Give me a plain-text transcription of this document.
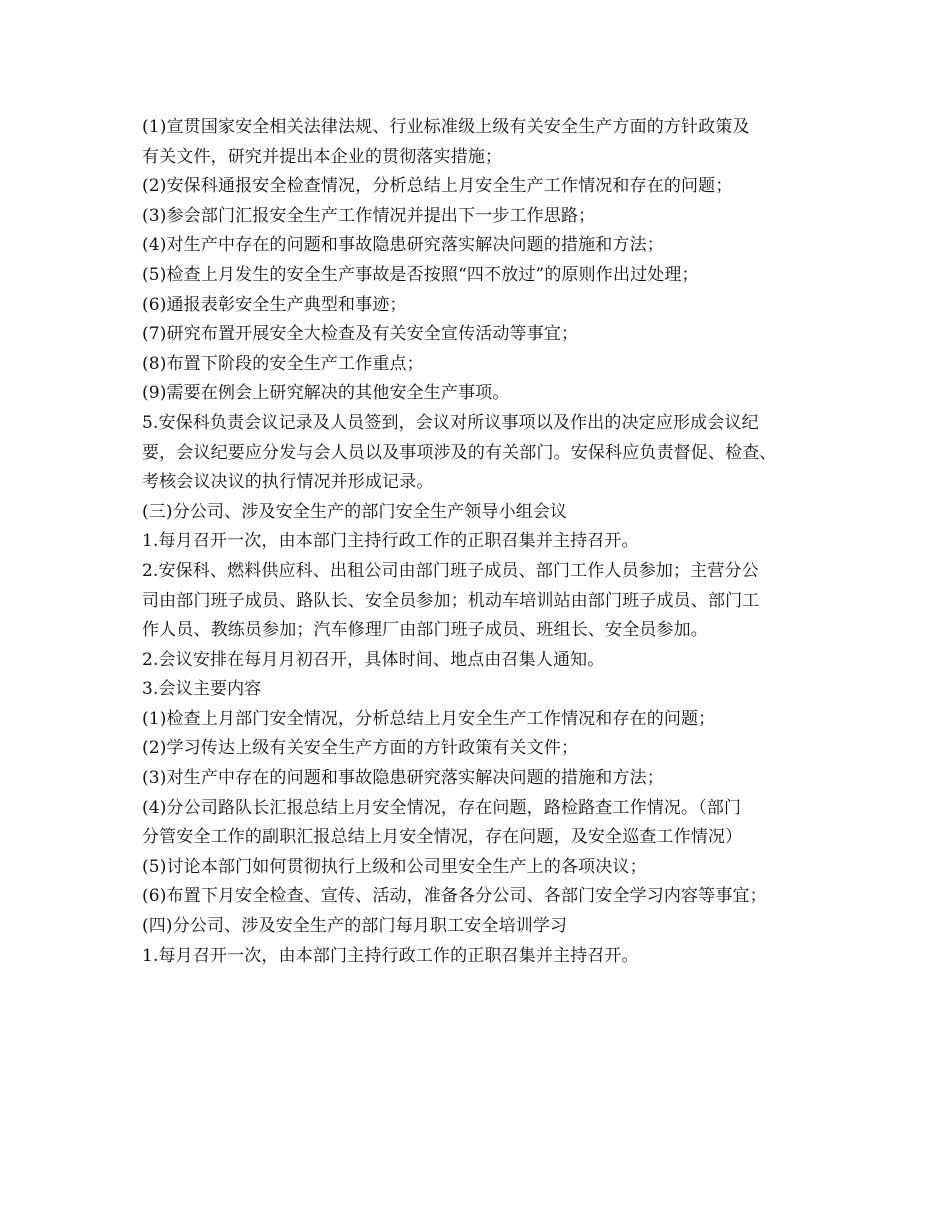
(1)宣贯国家安全相关法律法规、行业标准级上级有关安全生产方面的方针政策及
有关文件，研究并提出本企业的贯彻落实措施；
(2)安保科通报安全检查情况，分析总结上月安全生产工作情况和存在的问题；
(3)参会部门汇报安全生产工作情况并提出下一步工作思路；
(4)对生产中存在的问题和事故隐患研究落实解决问题的措施和方法；
(5)检查上月发生的安全生产事故是否按照“四不放过”的原则作出过处理；
(6)通报表彰安全生产典型和事迹；
(7)研究布置开展安全大检查及有关安全宣传活动等事宜；
(8)布置下阶段的安全生产工作重点；
(9)需要在例会上研究解决的其他安全生产事项。
5.安保科负责会议记录及人员签到，会议对所议事项以及作出的决定应形成会议纪
要，会议纪要应分发与会人员以及事项涉及的有关部门。安保科应负责督促、检查、
考核会议决议的执行情况并形成记录。
(三)分公司、涉及安全生产的部门安全生产领导小组会议
1.每月召开一次，由本部门主持行政工作的正职召集并主持召开。
2.安保科、燃料供应科、出租公司由部门班子成员、部门工作人员参加；主营分公
司由部门班子成员、路队长、安全员参加；机动车培训站由部门班子成员、部门工
作人员、教练员参加；汽车修理厂由部门班子成员、班组长、安全员参加。
2.会议安排在每月月初召开，具体时间、地点由召集人通知。
3.会议主要内容
(1)检查上月部门安全情况，分析总结上月安全生产工作情况和存在的问题；
(2)学习传达上级有关安全生产方面的方针政策有关文件；
(3)对生产中存在的问题和事故隐患研究落实解决问题的措施和方法；
(4)分公司路队长汇报总结上月安全情况，存在问题，路检路查工作情况。（部门
分管安全工作的副职汇报总结上月安全情况，存在问题，及安全巡查工作情况）
(5)讨论本部门如何贯彻执行上级和公司里安全生产上的各项决议；
(6)布置下月安全检查、宣传、活动，准备各分公司、各部门安全学习内容等事宜；
(四)分公司、涉及安全生产的部门每月职工安全培训学习
1.每月召开一次，由本部门主持行政工作的正职召集并主持召开。
